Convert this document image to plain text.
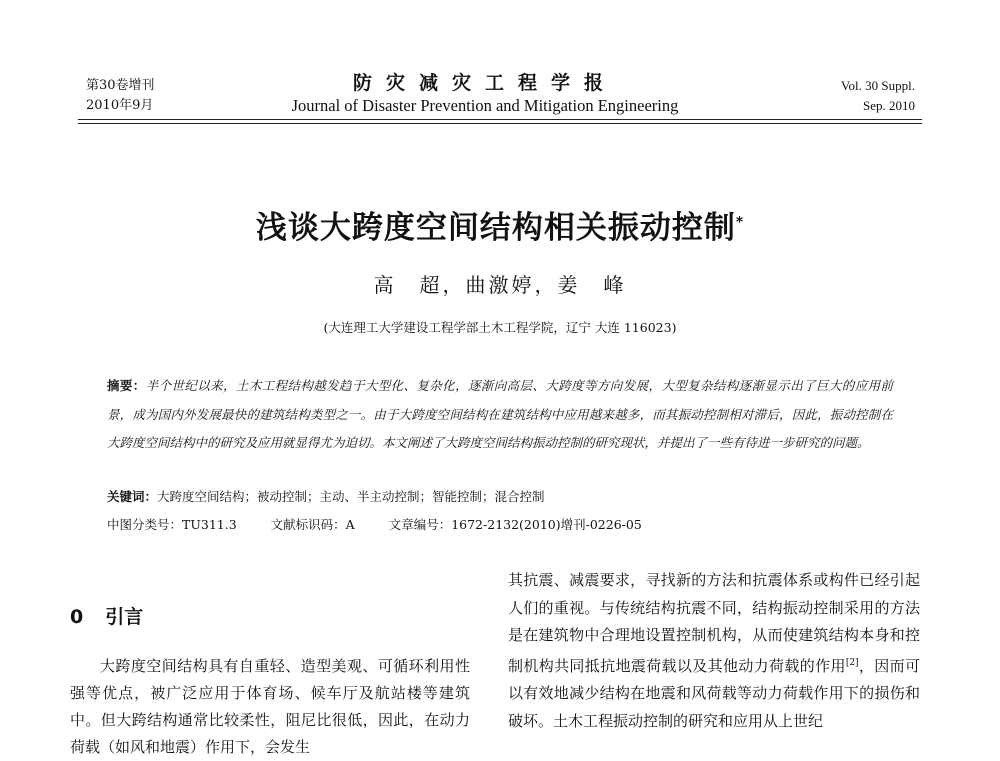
第30卷增刊
2010年9月
防灾减灾工程学报
Journal of Disaster Prevention and Mitigation Engineering
Vol. 30 Suppl.
Sep. 2010
浅谈大跨度空间结构相关振动控制*
高　超，曲激婷，姜　峰
(大连理工大学建设工程学部土木工程学院，辽宁 大连 116023)
摘要：半个世纪以来，土木工程结构越发趋于大型化、复杂化，逐渐向高层、大跨度等方向发展，大型复杂结构逐渐显示出了巨大的应用前景，成为国内外发展最快的建筑结构类型之一。由于大跨度空间结构在建筑结构中应用越来越多，而其振动控制相对滞后，因此，振动控制在大跨度空间结构中的研究及应用就显得尤为迫切。本文阐述了大跨度空间结构振动控制的研究现状，并提出了一些有待进一步研究的问题。
关键词：大跨度空间结构；被动控制；主动、半主动控制；智能控制；混合控制
中图分类号：TU311.3	文献标识码：A	文章编号：1672-2132(2010)增刊-0226-05
0 引言
大跨度空间结构具有自重轻、造型美观、可循环利用性强等优点，被广泛应用于体育场、候车厅及航站楼等建筑中。但大跨结构通常比较柔性，阻尼比很低，因此，在动力荷载（如风和地震）作用下，会发生
其抗震、减震要求，寻找新的方法和抗震体系或构件已经引起人们的重视。与传统结构抗震不同，结构振动控制采用的方法是在建筑物中合理地设置控制机构，从而使建筑结构本身和控制机构共同抵抗地震荷载以及其他动力荷载的作用[2]，因而可以有效地减少结构在地震和风荷载等动力荷载作用下的损伤和破坏。土木工程振动控制的研究和应用从上世纪
